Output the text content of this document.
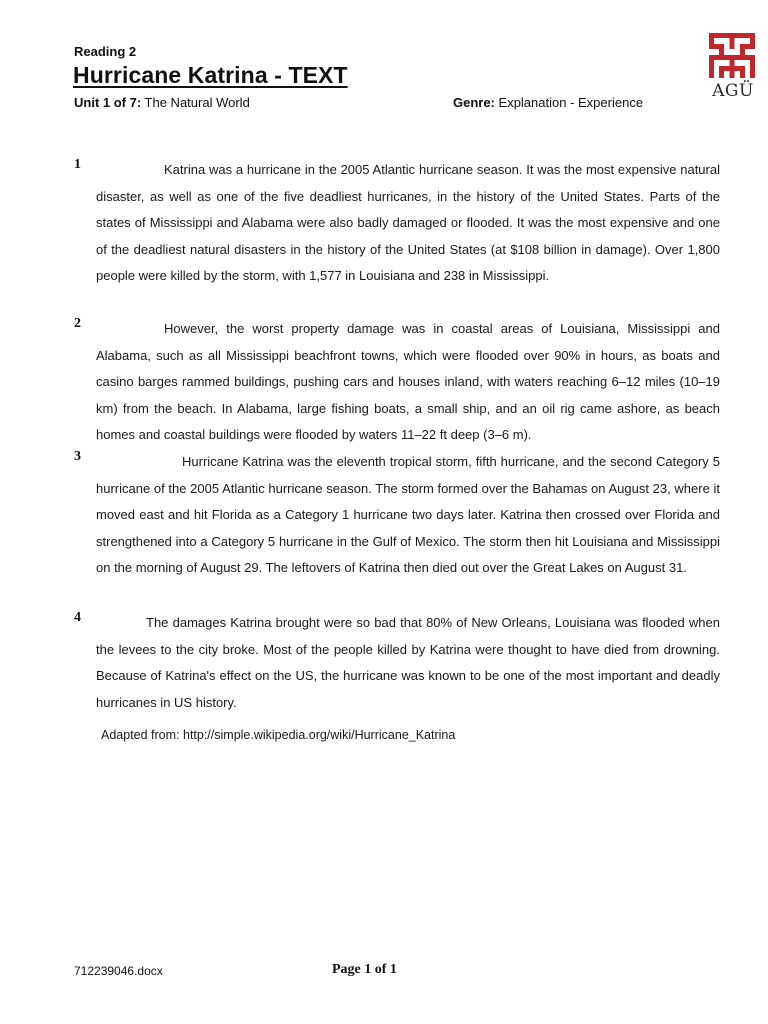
Reading 2
Hurricane Katrina - TEXT
Unit 1 of 7: The Natural World	Genre: Explanation - Experience
AGÜ
1	Katrina was a hurricane in the 2005 Atlantic hurricane season. It was the most expensive natural disaster, as well as one of the five deadliest hurricanes, in the history of the United States. Parts of the states of Mississippi and Alabama were also badly damaged or flooded. It was the most expensive and one of the deadliest natural disasters in the history of the United States (at $108 billion in damage). Over 1,800 people were killed by the storm, with 1,577 in Louisiana and 238 in Mississippi.

2	However, the worst property damage was in coastal areas of Louisiana, Mississippi and Alabama, such as all Mississippi beachfront towns, which were flooded over 90% in hours, as boats and casino barges rammed buildings, pushing cars and houses inland, with waters reaching 6–12 miles (10–19 km) from the beach. In Alabama, large fishing boats, a small ship, and an oil rig came ashore, as beach homes and coastal buildings were flooded by waters 11–22 ft deep (3–6 m).

3	Hurricane Katrina was the eleventh tropical storm, fifth hurricane, and the second Category 5 hurricane of the 2005 Atlantic hurricane season. The storm formed over the Bahamas on August 23, where it moved east and hit Florida as a Category 1 hurricane two days later. Katrina then crossed over Florida and strengthened into a Category 5 hurricane in the Gulf of Mexico. The storm then hit Louisiana and Mississippi on the morning of August 29. The leftovers of Katrina then died out over the Great Lakes on August 31.

4	The damages Katrina brought were so bad that 80% of New Orleans, Louisiana was flooded when the levees to the city broke. Most of the people killed by Katrina were thought to have died from drowning. Because of Katrina's effect on the US, the hurricane was known to be one of the most important and deadly hurricanes in US history.

Adapted from: http://simple.wikipedia.org/wiki/Hurricane_Katrina
712239046.docx	Page 1 of 1
